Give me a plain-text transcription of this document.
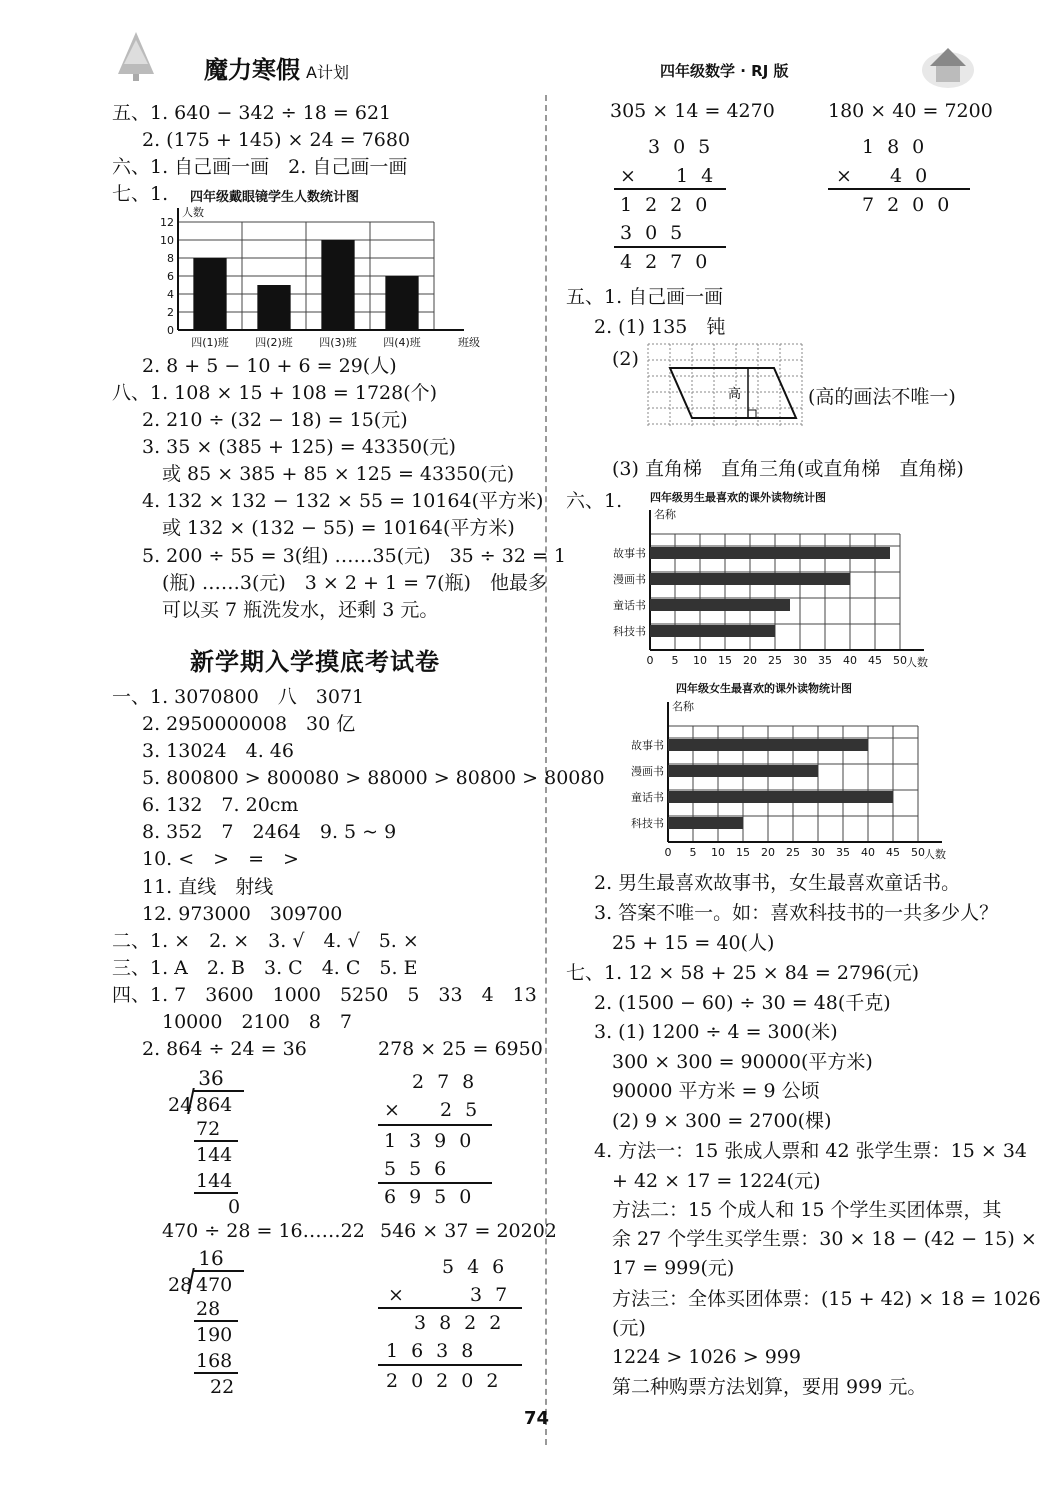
魔力寒假 A计划	四年级数学 · RJ 版
五、1. 640 − 342 ÷ 18 = 621
2. (175 + 145) × 24 = 7680
六、1. 自己画一画　2. 自己画一画
七、1. 四年级戴眼镜学生人数统计图
0
2
4
6
8
10
12
人数
班级
四(1)班 四(2)班 四(3)班 四(4)班
2. 8 + 5 − 10 + 6 = 29(人)
八、1. 108 × 15 + 108 = 1728(个)
2. 210 ÷ (32 − 18) = 15(元)
3. 35 × (385 + 125) = 43350(元)
或 85 × 385 + 85 × 125 = 43350(元)
4. 132 × 132 − 132 × 55 = 10164(平方米)
或 132 × (132 − 55) = 10164(平方米)
5. 200 ÷ 55 = 3(组) ……35(元)　35 ÷ 32 = 1
(瓶) ……3(元)　3 × 2 + 1 = 7(瓶)　他最多
可以买 7 瓶洗发水，还剩 3 元。
新学期入学摸底考试卷
一、1. 3070800　八　3071
2. 2950000008　30 亿
3. 13024　4. 46
5. 800800 > 800080 > 88000 > 80800 > 80080
6. 132　7. 20cm
8. 352　7　2464　9. 5 ~ 9
10. <　>　=　>
11. 直线　射线
12. 973000　309700
二、1. ×　2. ×　3. √　4. √　5. ×
三、1. A　2. B　3. C　4. C　5. E
四、1. 7　3600　1000　5250　5　33　4　13
10000　2100　8　7
2. 864 ÷ 24 = 36	278 × 25 = 6950
36
24 864
72
144
144
0
278
× 25
1390
556
6950
470 ÷ 28 = 16……22 546 × 37 = 20202
16
28 470
28
190
168
22
546
×	37
3822
1638
20202
305 × 14 = 4270	180 × 40 = 7200
305
× 14
1220
305
4270
180
× 40
7200
五、1. 自己画一画
2. (1) 135　钝
(2)
高	(高的画法不唯一)
(3) 直角梯　直角三角(或直角梯　直角梯)
六、1.	四年级男生最喜欢的课外读物统计图
0 5 10 15 20 25 30 35 40 45 50
名称
人数
故事书
漫画书
童话书
科技书
四年级女生最喜欢的课外读物统计图
0 5 10 15 20 25 30 35 40 45 50
名称
人数
故事书
漫画书
童话书
科技书
2. 男生最喜欢故事书，女生最喜欢童话书。
3. 答案不唯一。如：喜欢科技书的一共多少人？
25 + 15 = 40(人)
七、1. 12 × 58 + 25 × 84 = 2796(元)
2. (1500 − 60) ÷ 30 = 48(千克)
3. (1) 1200 ÷ 4 = 300(米)
300 × 300 = 90000(平方米)
90000 平方米 = 9 公顷
(2) 9 × 300 = 2700(棵)
4. 方法一：15 张成人票和 42 张学生票：15 × 34
+ 42 × 17 = 1224(元)
方法二：15 个成人和 15 个学生买团体票，其
余 27 个学生买学生票：30 × 18 − (42 − 15) ×
17 = 999(元)
方法三：全体买团体票：(15 + 42) × 18 = 1026
(元)
1224 > 1026 > 999
第二种购票方法划算，要用 999 元。
74
